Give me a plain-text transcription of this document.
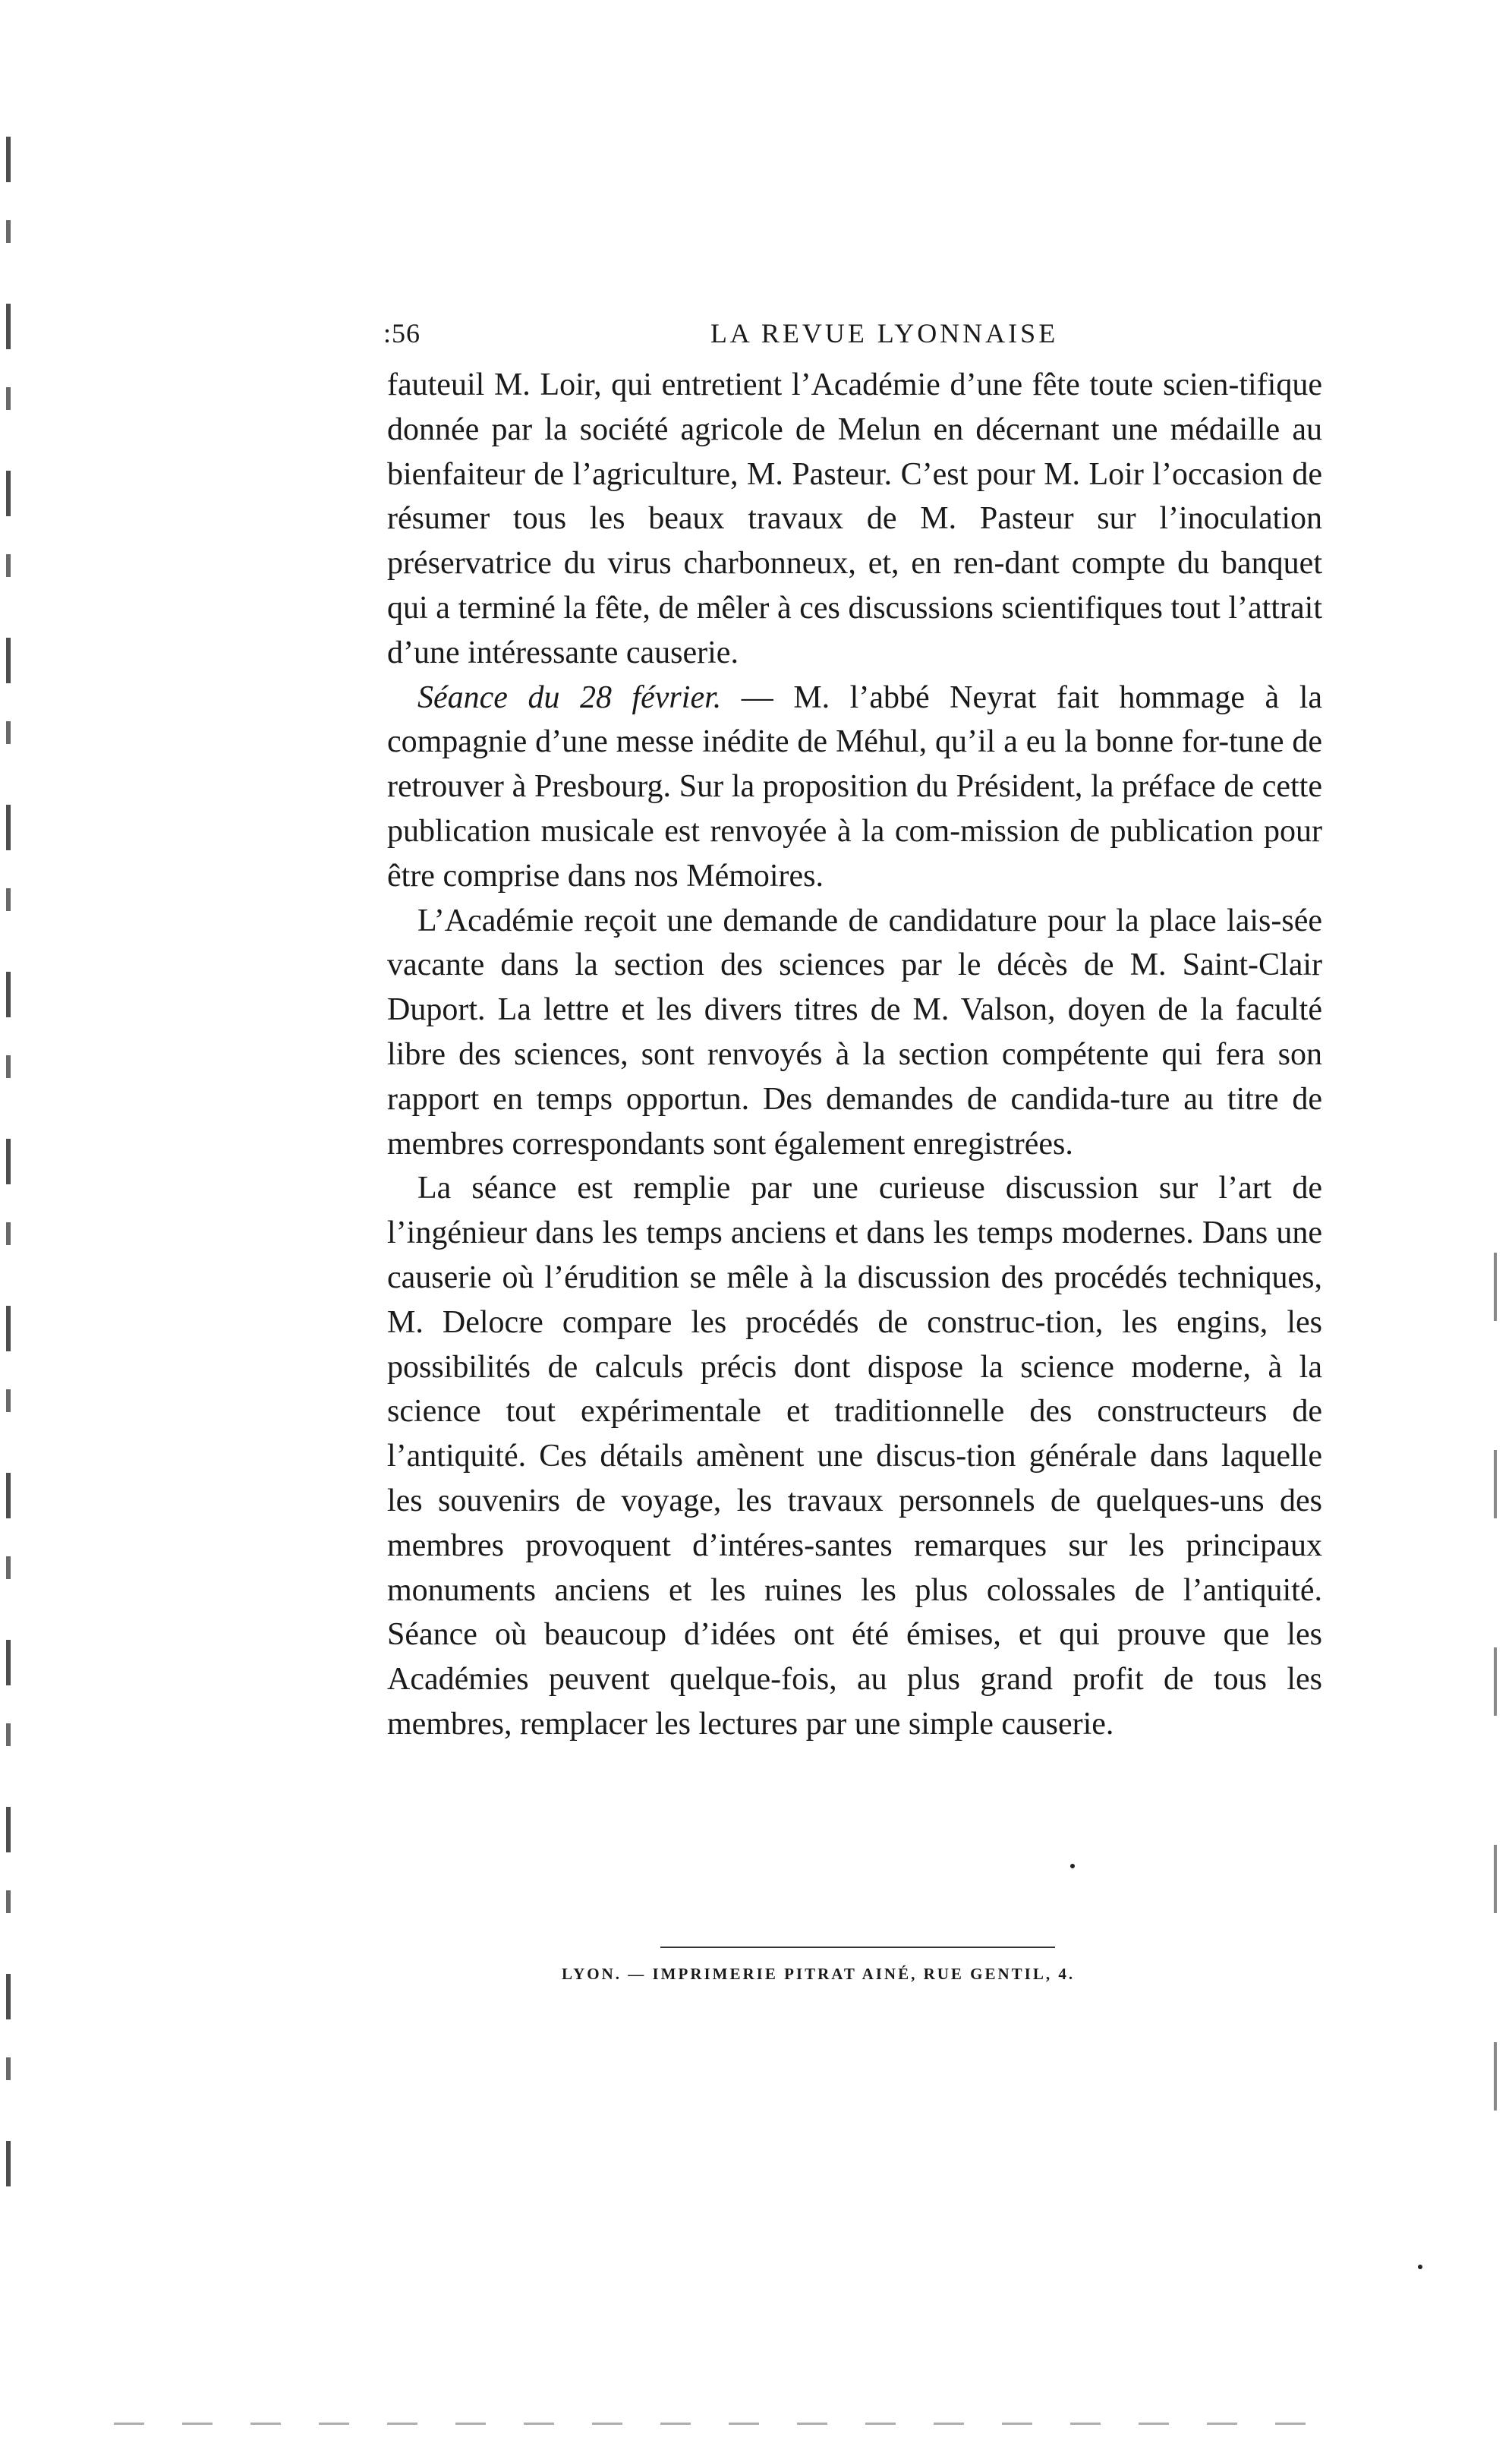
:56	LA REVUE LYONNAISE

fauteuil M. Loir, qui entretient l’Académie d’une fête toute scien-tifique donnée par la société agricole de Melun en décernant une médaille au bienfaiteur de l’agriculture, M. Pasteur. C’est pour M. Loir l’occasion de résumer tous les beaux travaux de M. Pasteur sur l’inoculation préservatrice du virus charbonneux, et, en ren-dant compte du banquet qui a terminé la fête, de mêler à ces discussions scientifiques tout l’attrait d’une intéressante causerie.

Séance du 28 février. — M. l’abbé Neyrat fait hommage à la compagnie d’une messe inédite de Méhul, qu’il a eu la bonne for-tune de retrouver à Presbourg. Sur la proposition du Président, la préface de cette publication musicale est renvoyée à la com-mission de publication pour être comprise dans nos Mémoires.

L’Académie reçoit une demande de candidature pour la place lais-sée vacante dans la section des sciences par le décès de M. Saint-Clair Duport. La lettre et les divers titres de M. Valson, doyen de la faculté libre des sciences, sont renvoyés à la section compétente qui fera son rapport en temps opportun. Des demandes de candida-ture au titre de membres correspondants sont également enregistrées.

La séance est remplie par une curieuse discussion sur l’art de l’ingénieur dans les temps anciens et dans les temps modernes. Dans une causerie où l’érudition se mêle à la discussion des procédés techniques, M. Delocre compare les procédés de construc-tion, les engins, les possibilités de calculs précis dont dispose la science moderne, à la science tout expérimentale et traditionnelle des constructeurs de l’antiquité. Ces détails amènent une discus-tion générale dans laquelle les souvenirs de voyage, les travaux personnels de quelques-uns des membres provoquent d’intéres-santes remarques sur les principaux monuments anciens et les ruines les plus colossales de l’antiquité. Séance où beaucoup d’idées ont été émises, et qui prouve que les Académies peuvent quelque-fois, au plus grand profit de tous les membres, remplacer les lectures par une simple causerie.

LYON. — IMPRIMERIE PITRAT AINÉ, RUE GENTIL, 4.
